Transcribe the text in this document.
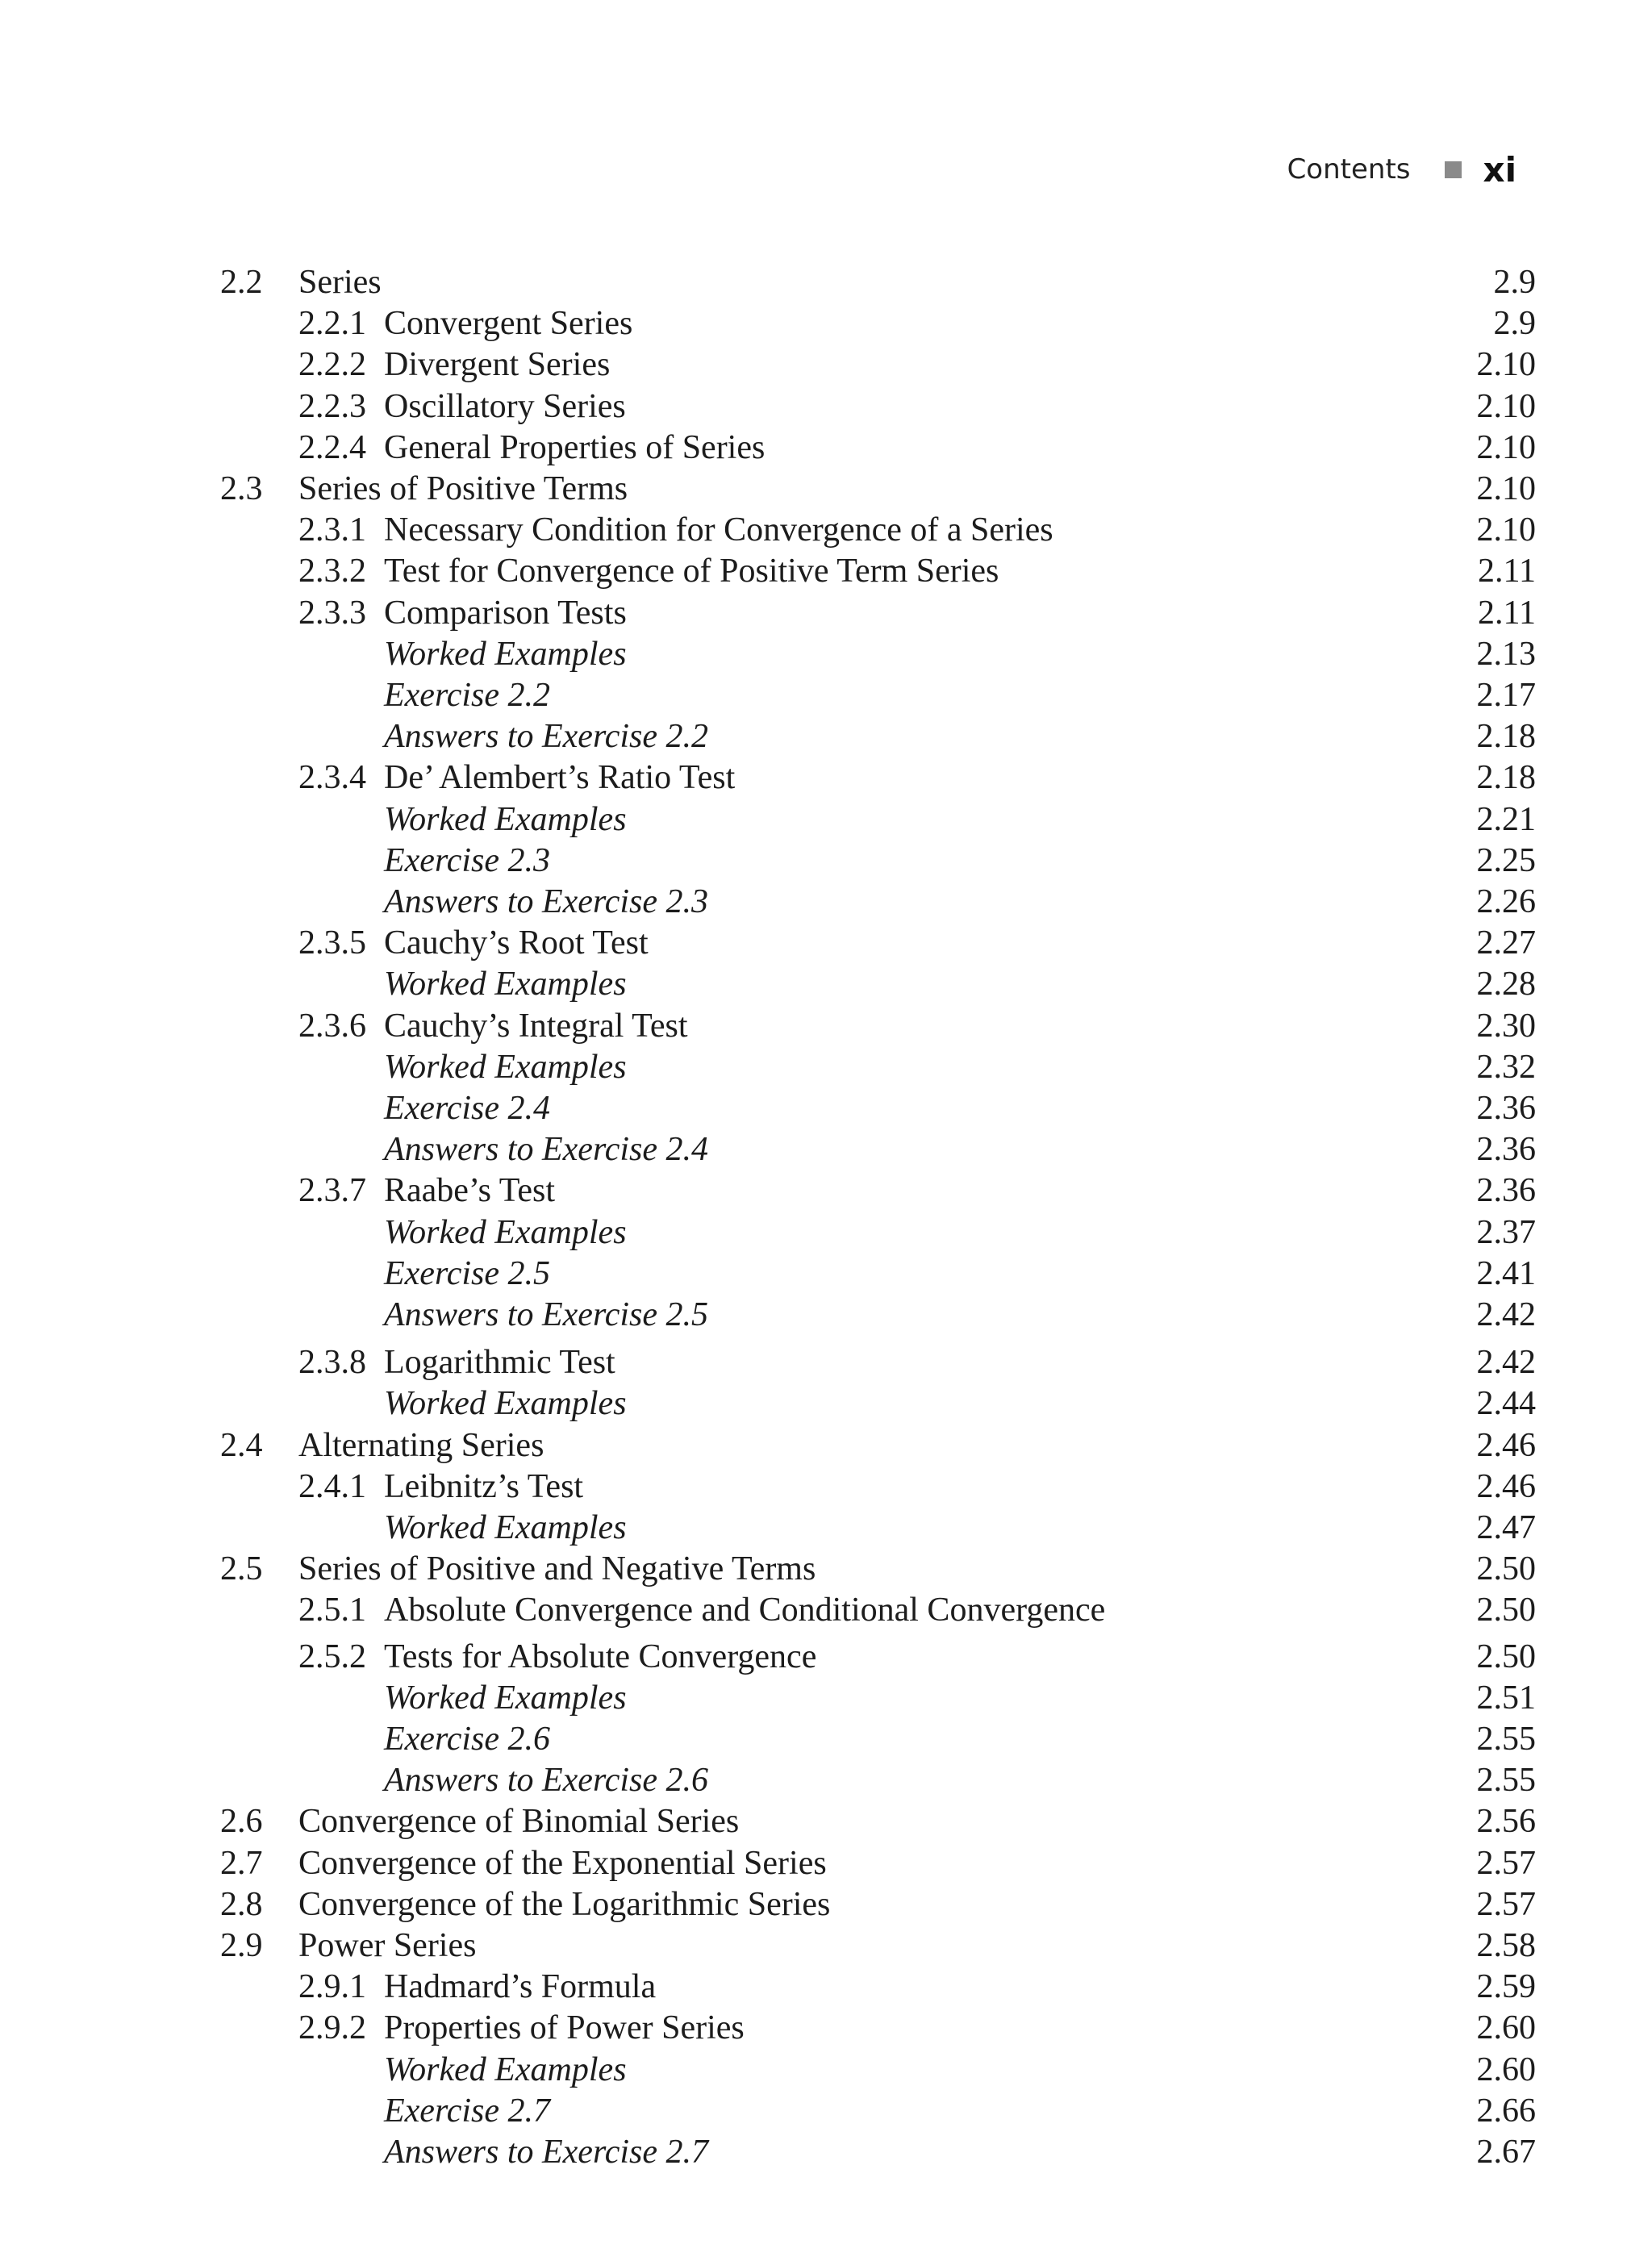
Contents xi
2.2 Series	2.9
2.2.1 Convergent Series	2.9
2.2.2 Divergent Series	2.10
2.2.3 Oscillatory Series	2.10
2.2.4 General Properties of Series	2.10
2.3 Series of Positive Terms	2.10
2.3.1 Necessary Condition for Convergence of a Series	2.10
2.3.2 Test for Convergence of Positive Term Series	2.11
2.3.3 Comparison Tests	2.11
Worked Examples	2.13
Exercise 2.2	2.17
Answers to Exercise 2.2	2.18
2.3.4 De’ Alembert’s Ratio Test	2.18
Worked Examples	2.21
Exercise 2.3	2.25
Answers to Exercise 2.3	2.26
2.3.5 Cauchy’s Root Test	2.27
Worked Examples	2.28
2.3.6 Cauchy’s Integral Test	2.30
Worked Examples	2.32
Exercise 2.4	2.36
Answers to Exercise 2.4	2.36
2.3.7 Raabe’s Test	2.36
Worked Examples	2.37
Exercise 2.5	2.41
Answers to Exercise 2.5	2.42
2.3.8 Logarithmic Test	2.42
Worked Examples	2.44
2.4 Alternating Series	2.46
2.4.1 Leibnitz’s Test	2.46
Worked Examples	2.47
2.5 Series of Positive and Negative Terms	2.50
2.5.1 Absolute Convergence and Conditional Convergence	2.50
2.5.2 Tests for Absolute Convergence	2.50
Worked Examples	2.51
Exercise 2.6	2.55
Answers to Exercise 2.6	2.55
2.6 Convergence of Binomial Series	2.56
2.7 Convergence of the Exponential Series	2.57
2.8 Convergence of the Logarithmic Series	2.57
2.9 Power Series	2.58
2.9.1 Hadmard’s Formula	2.59
2.9.2 Properties of Power Series	2.60
Worked Examples	2.60
Exercise 2.7	2.66
Answers to Exercise 2.7	2.67
